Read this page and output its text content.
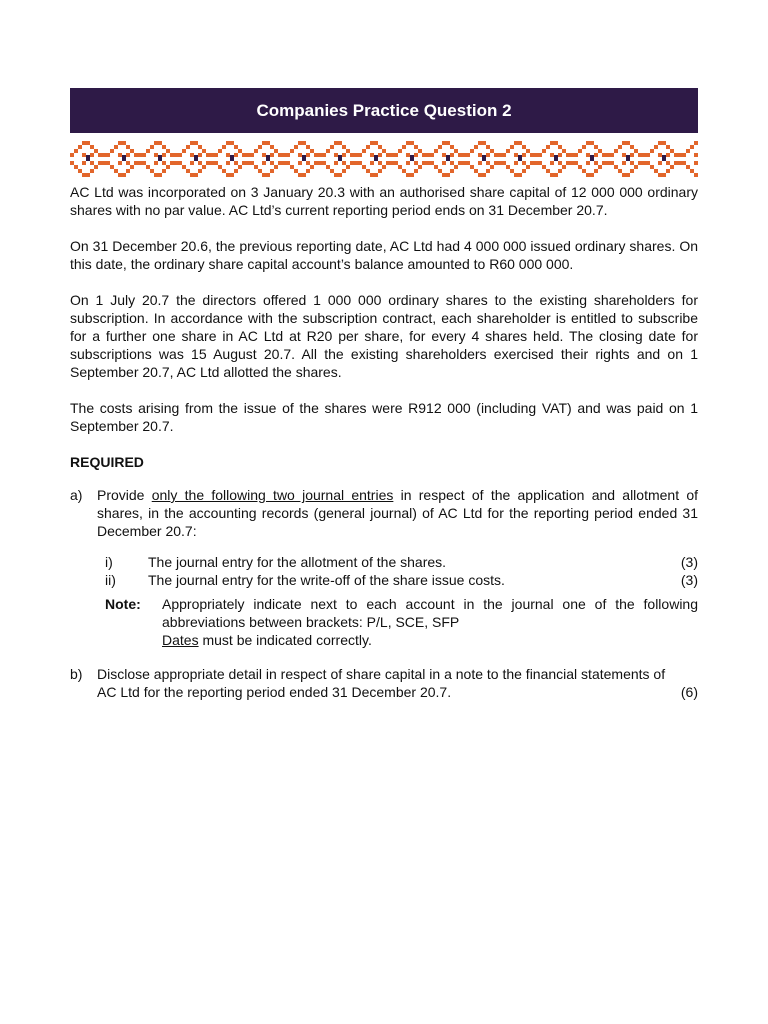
Companies Practice Question 2

AC Ltd was incorporated on 3 January 20.3 with an authorised share capital of 12 000 000 ordinary shares with no par value. AC Ltd’s current reporting period ends on 31 December 20.7.

On 31 December 20.6, the previous reporting date, AC Ltd had 4 000 000 issued ordinary shares. On this date, the ordinary share capital account’s balance amounted to R60 000 000.

On 1 July 20.7 the directors offered 1 000 000 ordinary shares to the existing shareholders for subscription. In accordance with the subscription contract, each shareholder is entitled to subscribe for a further one share in AC Ltd at R20 per share, for every 4 shares held. The closing date for subscriptions was 15 August 20.7. All the existing shareholders exercised their rights and on 1 September 20.7, AC Ltd allotted the shares.

The costs arising from the issue of the shares were R912 000 (including VAT) and was paid on 1 September 20.7.

REQUIRED

a)	Provide only the following two journal entries in respect of the application and allotment of shares, in the accounting records (general journal) of AC Ltd for the reporting period ended 31 December 20.7:

i)	The journal entry for the allotment of the shares.	(3)
ii)	The journal entry for the write-off of the share issue costs.	(3)
Note:	Appropriately indicate next to each account in the journal one of the following abbreviations between brackets: P/L, SCE, SFP

Dates must be indicated correctly.

b)	Disclose appropriate detail in respect of share capital in a note to the financial statements of

AC Ltd for the reporting period ended 31 December 20.7.	(6)
